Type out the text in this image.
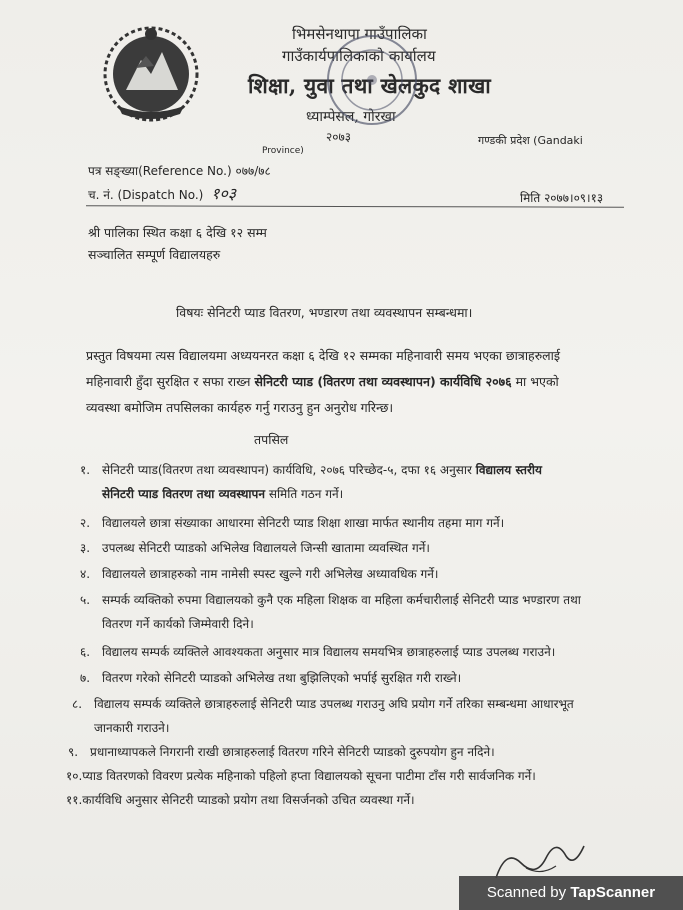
भिमसेनथापा गाउँपालिका
गाउँकार्यपालिकाको कार्यालय
शिक्षा, युवा तथा खेलकुद शाखा
ध्याम्पेसल, गोरखा
२०७३	गण्डकी प्रदेश (Gandaki
Province)
पत्र सङ्ख्या(Reference No.) ०७७/७८
च. नं. (Dispatch No.) १०३	मिति २०७७।०९।१३
श्री पालिका स्थित कक्षा ६ देखि १२ सम्म
सञ्चालित सम्पूर्ण विद्यालयहरु
विषयः सेनिटरी प्याड वितरण, भण्डारण तथा व्यवस्थापन सम्बन्धमा।
प्रस्तुत विषयमा त्यस विद्यालयमा अध्ययनरत कक्षा ६ देखि १२ सम्मका महिनावारी समय भएका छात्राहरुलाई
महिनावारी हुँदा सुरक्षित र सफा राख्न सेनिटरी प्याड (वितरण तथा व्यवस्थापन) कार्यविधि २०७६ मा भएको
व्यवस्था बमोजिम तपसिलका कार्यहरु गर्नु गराउनु हुन अनुरोध गरिन्छ।
तपसिल
१. सेनिटरी प्याड(वितरण तथा व्यवस्थापन) कार्यविधि, २०७६ परिच्छेद-५, दफा १६ अनुसार विद्यालय स्तरीय
सेनिटरी प्याड वितरण तथा व्यवस्थापन समिति गठन गर्ने।
२. विद्यालयले छात्रा संख्याका आधारमा सेनिटरी प्याड शिक्षा शाखा मार्फत स्थानीय तहमा माग गर्ने।
३. उपलब्ध सेनिटरी प्याडको अभिलेख विद्यालयले जिन्सी खातामा व्यवस्थित गर्ने।
४. विद्यालयले छात्राहरुको नाम नामेसी स्पस्ट खुल्ने गरी अभिलेख अध्यावधिक गर्ने।
५. सम्पर्क व्यक्तिको रुपमा विद्यालयको कुनै एक महिला शिक्षक वा महिला कर्मचारीलाई सेनिटरी प्याड भण्डारण तथा
वितरण गर्ने कार्यको जिम्मेवारी दिने।
६. विद्यालय सम्पर्क व्यक्तिले आवश्यकता अनुसार मात्र विद्यालय समयभित्र छात्राहरुलाई प्याड उपलब्ध गराउने।
७. वितरण गरेको सेनिटरी प्याडको अभिलेख तथा बुझिलिएको भर्पाई सुरक्षित गरी राख्ने।
८. विद्यालय सम्पर्क व्यक्तिले छात्राहरुलाई सेनिटरी प्याड उपलब्ध गराउनु अघि प्रयोग गर्ने तरिका सम्बन्धमा आधारभूत
जानकारी गराउने।
९. प्रधानाध्यापकले निगरानी राखी छात्राहरुलाई वितरण गरिने सेनिटरी प्याडको दुरुपयोग हुन नदिने।
१०.प्याड वितरणको विवरण प्रत्येक महिनाको पहिलो हप्ता विद्यालयको सूचना पाटीमा टाँस गरी सार्वजनिक गर्ने।
११.कार्यविधि अनुसार सेनिटरी प्याडको प्रयोग तथा विसर्जनको उचित व्यवस्था गर्ने।
Scanned by TapScanner
